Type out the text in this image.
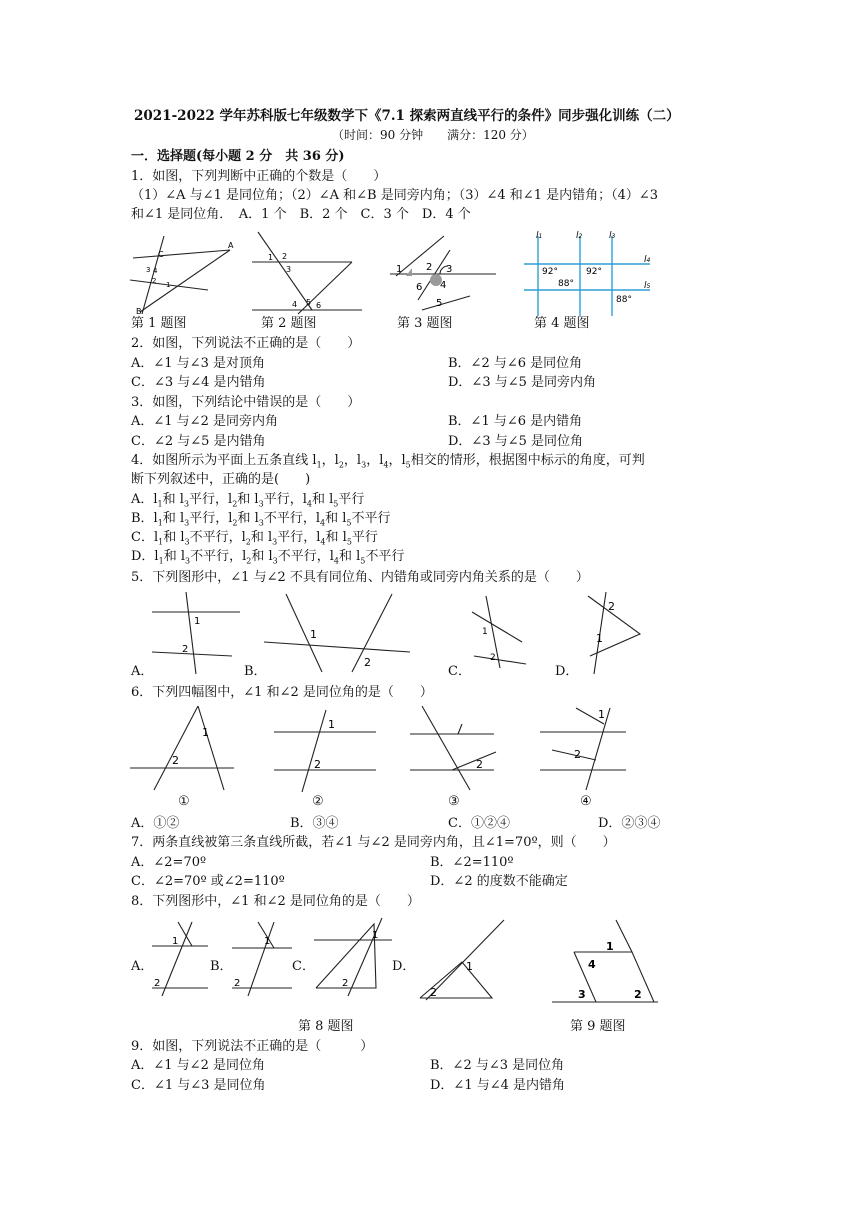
2021-2022 学年苏科版七年级数学下《7.1 探索两直线平行的条件》同步强化训练（二）
（时间：90 分钟　　满分：120 分）
一．选择题(每小题 2 分　共 36 分)
1．如图，下列判断中正确的个数是（　　）
（1）∠A 与∠1 是同位角；（2）∠A 和∠B 是同旁内角；（3）∠4 和∠1 是内错角；（4）∠3
和∠1 是同位角．　A．1 个　B．2 个　C．3 个　D．4 个
C
A
3 4
2 1
B
1 2
3
4 5 6
1 2 3
4
6
5
l1	l2	l3
l4
l5
92°	92°
88°
88°
第 1 题图	第 2 题图	第 3 题图	第 4 题图
2．如图，下列说法不正确的是（　　）
A．∠1 与∠3 是对顶角	B．∠2 与∠6 是同位角
C．∠3 与∠4 是内错角	D．∠3 与∠5 是同旁内角
3．如图，下列结论中错误的是（　　）
A．∠1 与∠2 是同旁内角	B．∠1 与∠6 是内错角
C．∠2 与∠5 是内错角	D．∠3 与∠5 是同位角
4．如图所示为平面上五条直线 $l_1$，$l_2$，$l_3$，$l_4$，$l_5$相交的情形，根据图中标示的角度，可判
断下列叙述中，正确的是(　　)
A．$l_1$和 $l_3$平行，$l_2$和 $l_3$平行，$l_4$和 $l_5$平行
B．$l_1$和 $l_3$平行，$l_2$和 $l_3$不平行，$l_4$和 $l_5$不平行
C．$l_1$和 $l_3$不平行，$l_2$和 $l_3$平行，$l_4$和 $l_5$平行
D．$l_1$和 $l_3$不平行，$l_2$和 $l_3$不平行，$l_4$和 $l_5$不平行
5．下列图形中，∠1 与∠2 不具有同位角、内错角或同旁内角关系的是（　　）
1
2
A．
1
2
B．
1
2
C．
2
1
D．
6．下列四幅图中，∠1 和∠2 是同位角的是（　　）
1
2
①
1
2
②
2
③
1
2
④
A．①②	B．③④	C．①②④	D．②③④
7．两条直线被第三条直线所截，若∠1 与∠2 是同旁内角，且∠1=70º，则（　　）
A．∠2=70º	B．∠2=110º
C．∠2=70º 或∠2=110º	D．∠2 的度数不能确定
8．下列图形中，∠1 和∠2 是同位角的是（　　）
1
2
A．
1
2
B．
1
2
C．	1
2
D．
1
4
3	2
第 8 题图	第 9 题图
9．如图，下列说法不正确的是（　　　）
A．∠1 与∠2 是同位角	B．∠2 与∠3 是同位角
C．∠1 与∠3 是同位角	D．∠1 与∠4 是内错角
